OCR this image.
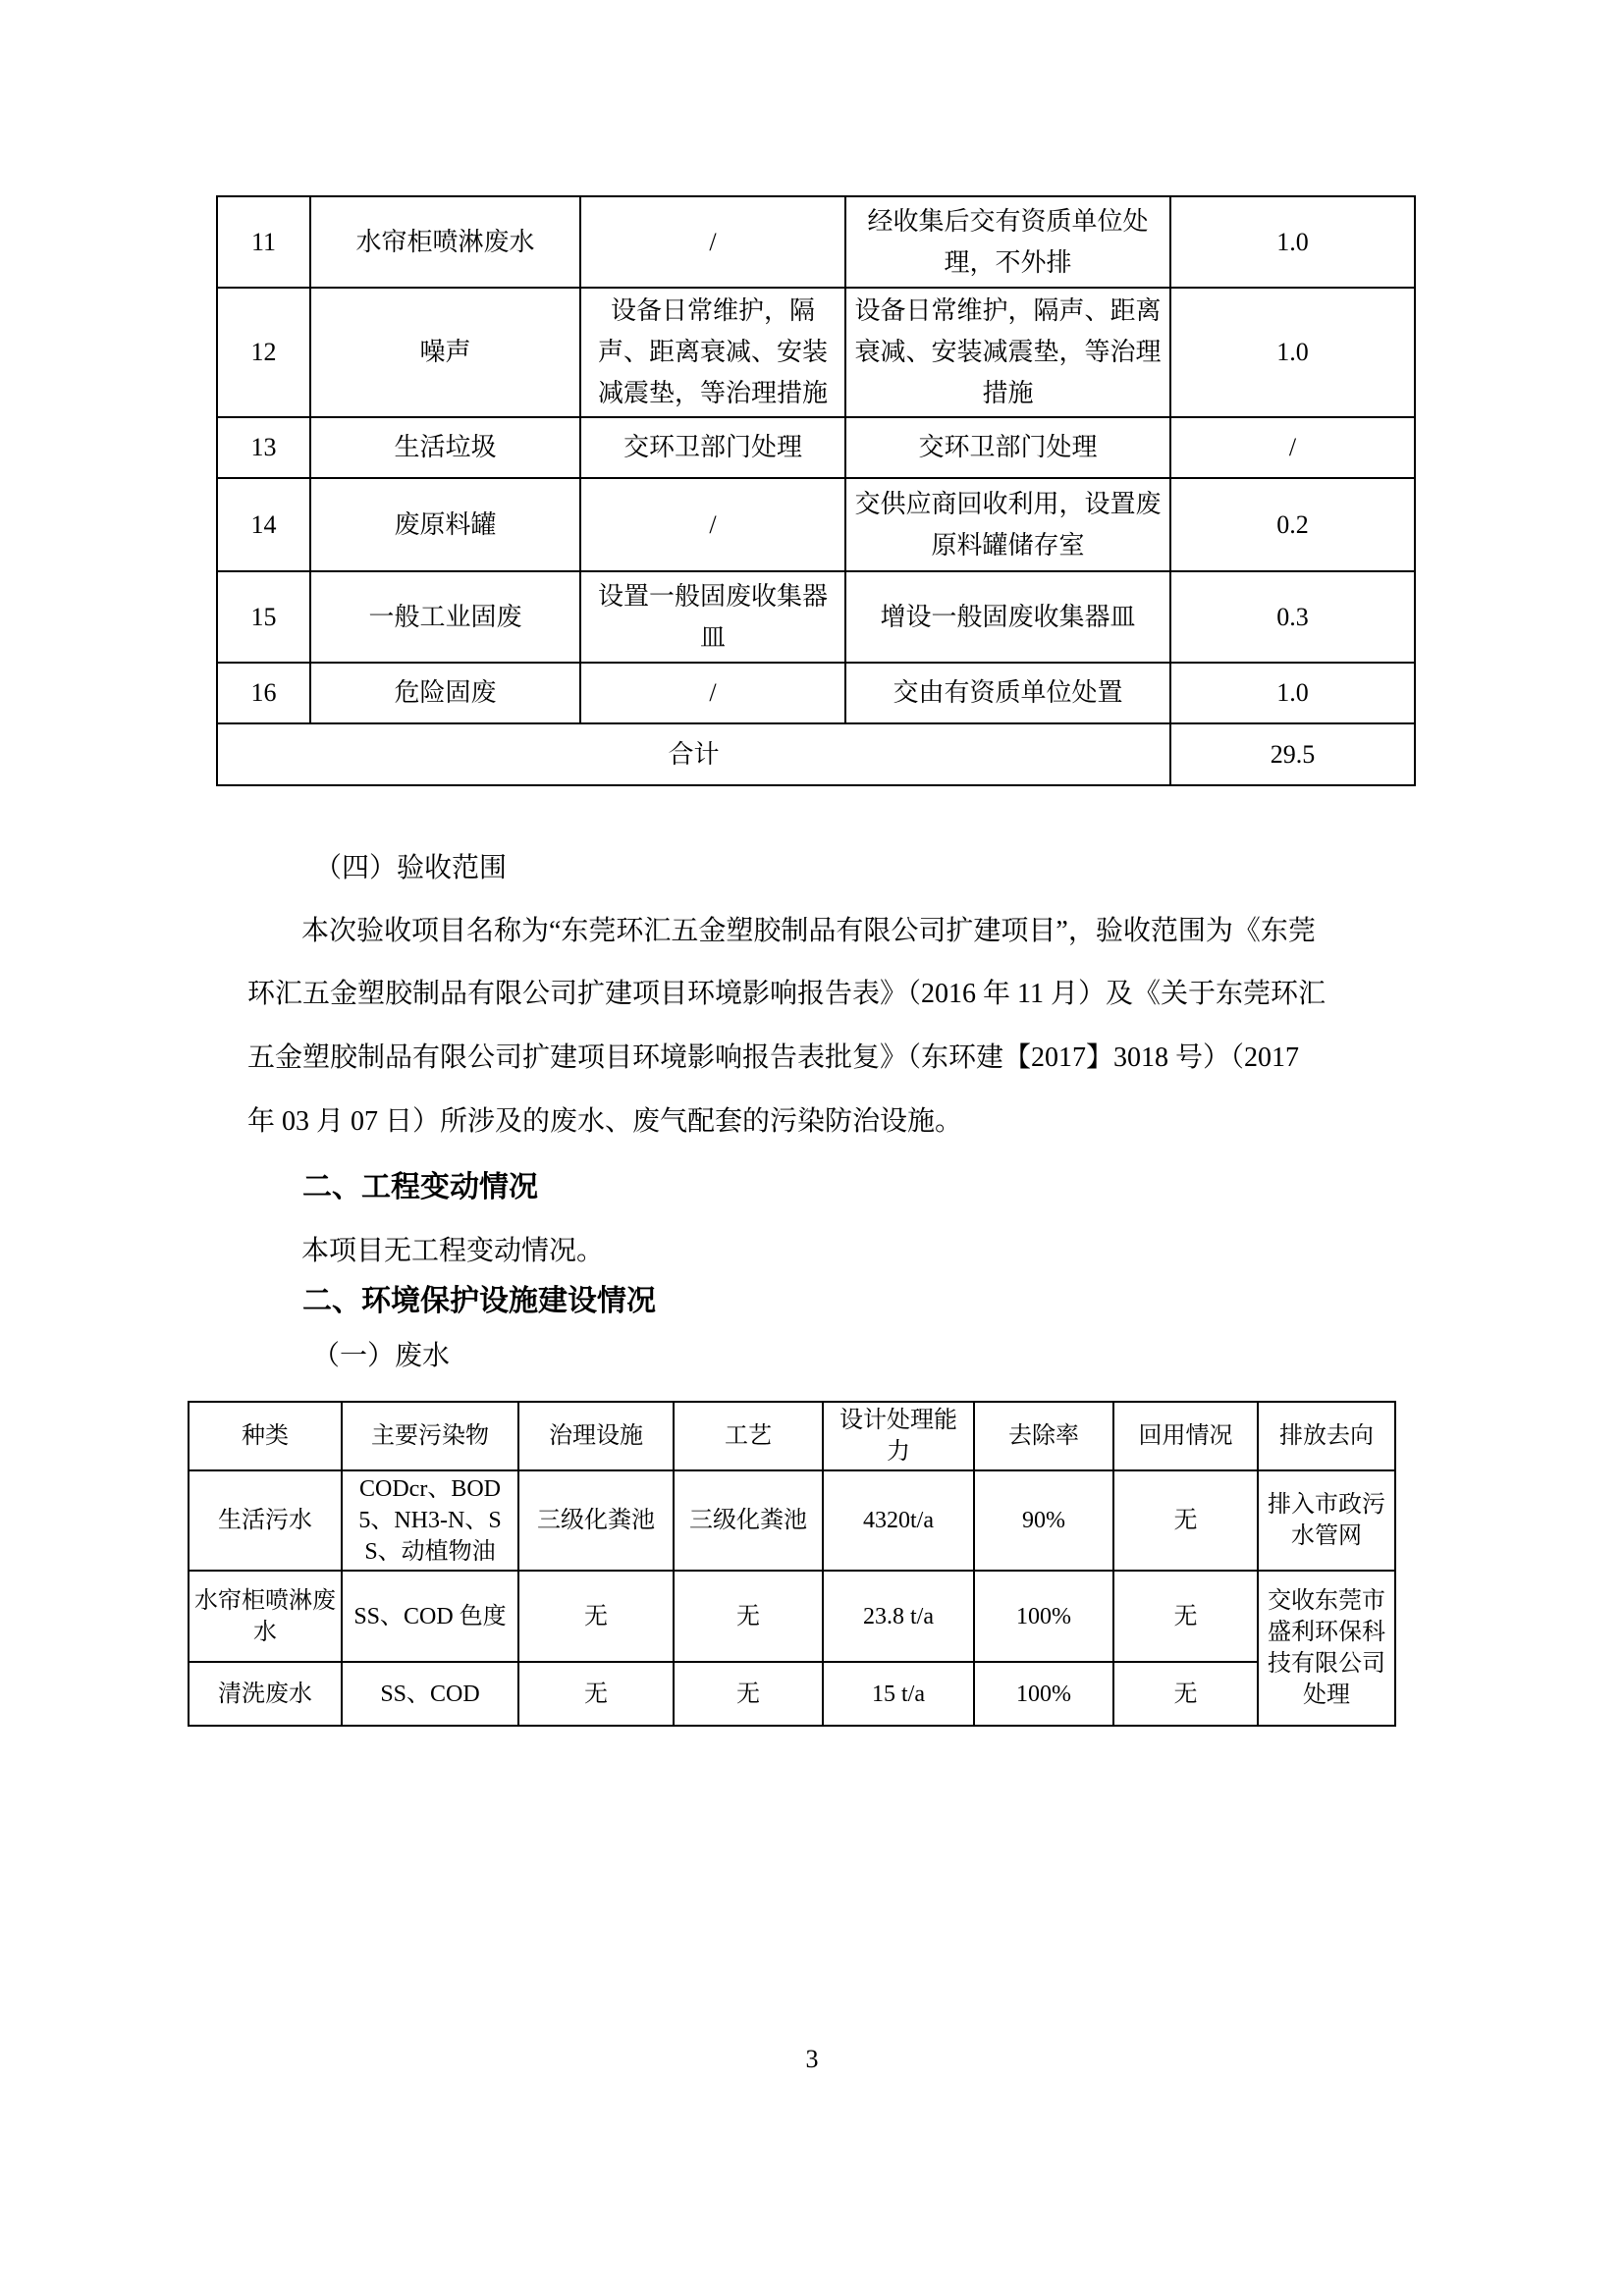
11	水帘柜喷淋废水	/	经收集后交有资质单位处理，不外排	1.0
12	噪声	设备日常维护，隔声、距离衰减、安装减震垫，等治理措施	设备日常维护，隔声、距离衰减、安装减震垫，等治理措施	1.0
13	生活垃圾	交环卫部门处理	交环卫部门处理	/
14	废原料罐	/	交供应商回收利用，设置废原料罐储存室	0.2
15	一般工业固废	设置一般固废收集器皿	增设一般固废收集器皿	0.3
16	危险固废	/	交由有资质单位处置	1.0
合计				29.5
（四）验收范围
本次验收项目名称为“东莞环汇五金塑胶制品有限公司扩建项目”，验收范围为《东莞
环汇五金塑胶制品有限公司扩建项目环境影响报告表》（2016 年 11 月）及《关于东莞环汇
五金塑胶制品有限公司扩建项目环境影响报告表批复》（东环建【2017】3018 号）（2017
年 03 月 07 日）所涉及的废水、废气配套的污染防治设施。
二、工程变动情况
本项目无工程变动情况。
二、环境保护设施建设情况
（一）废水
种类	主要污染物	治理设施	工艺	设计处理能力	去除率	回用情况	排放去向
生活污水	CODcr、BOD5、NH3-N、SS、动植物油	三级化粪池	三级化粪池	4320t/a	90%	无	排入市政污水管网
水帘柜喷淋废水	SS、COD 色度	无	无	23.8 t/a	100%	无	交收东莞市盛利环保科技有限公司处理
清洗废水	SS、COD	无	无	15 t/a	100%	无	
3
